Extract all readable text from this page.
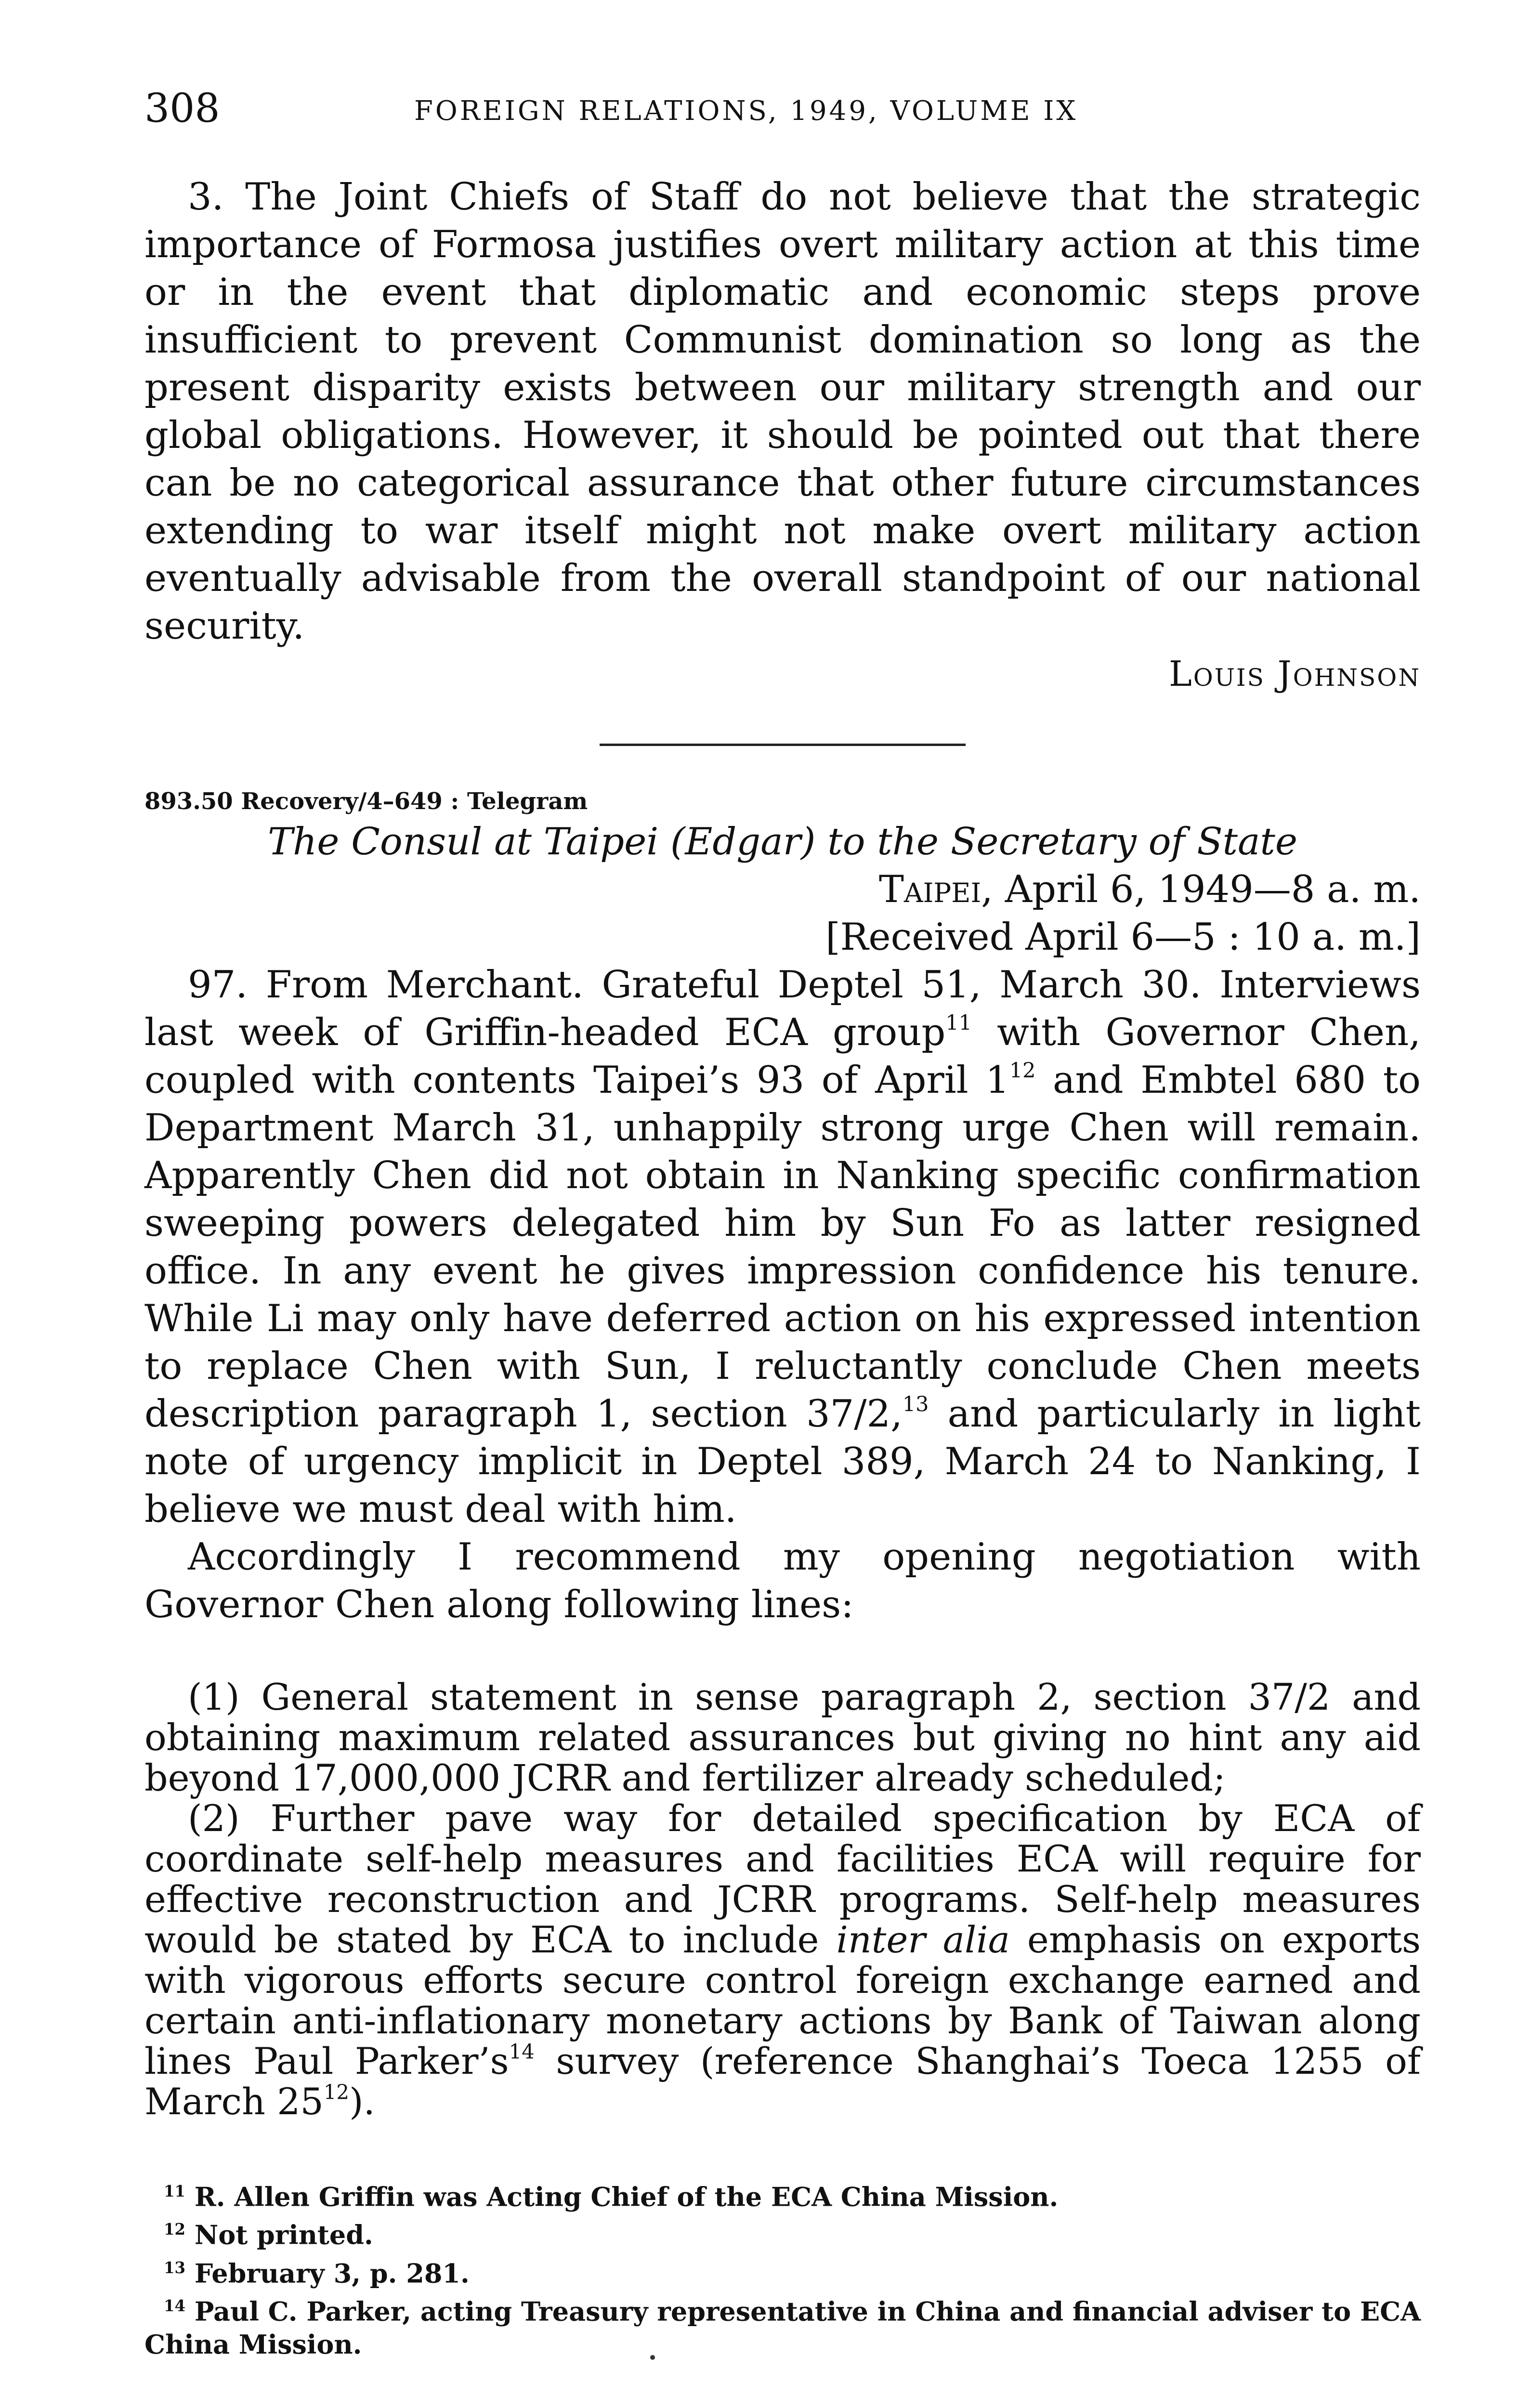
308	FOREIGN RELATIONS, 1949, VOLUME IX

3. The Joint Chiefs of Staff do not believe that the strategic importance of Formosa justifies overt military action at this time or in the event that diplomatic and economic steps prove insufficient to prevent Communist domination so long as the present disparity exists between our military strength and our global obligations. However, it should be pointed out that there can be no categorical assurance that other future circumstances extending to war itself might not make overt military action eventually advisable from the overall standpoint of our national security.

Louis Johnson

893.50 Recovery/4–649 : Telegram

The Consul at Taipei (Edgar) to the Secretary of State

Taipei, April 6, 1949—8 a. m.

[Received April 6—5 : 10 a. m.]

97. From Merchant. Grateful Deptel 51, March 30. Interviews last week of Griffin-headed ECA group$^{11}$ with Governor Chen, coupled with contents Taipei’s 93 of April $1^{12}$ and Embtel 680 to Department March 31, unhappily strong urge Chen will remain. Apparently Chen did not obtain in Nanking specific confirmation sweeping powers delegated him by Sun Fo as latter resigned office. In any event he gives impression confidence his tenure. While Li may only have deferred action on his expressed intention to replace Chen with Sun, I reluctantly conclude Chen meets description paragraph 1, section 37/2,13 and particularly in light note of urgency implicit in Deptel 389, March 24 to Nanking, I believe we must deal with him.

Accordingly I recommend my opening negotiation with Governor Chen along following lines:

(1) General statement in sense paragraph 2, section 37/2 and obtaining maximum related assurances but giving no hint any aid beyond 17,000,000 JCRR and fertilizer already scheduled;

(2) Further pave way for detailed specification by ECA of coordinate self-help measures and facilities ECA will require for effective reconstruction and JCRR programs. Self-help measures would be stated by ECA to include inter alia emphasis on exports with vigorous efforts secure control foreign exchange earned and certain anti-inflationary monetary actions by Bank of Taiwan along lines Paul $Parker’s^{14}$ survey (reference Shanghai’s Toeca 1255 of March $25^{12}$).

$^{11}$ R. Allen Griffin was Acting Chief of the ECA China Mission.

$^{12}$ Not printed.

$^{13}$ February 3, p. 281.

$^{14}$ Paul C. Parker, acting Treasury representative in China and financial adviser to ECA China Mission.
